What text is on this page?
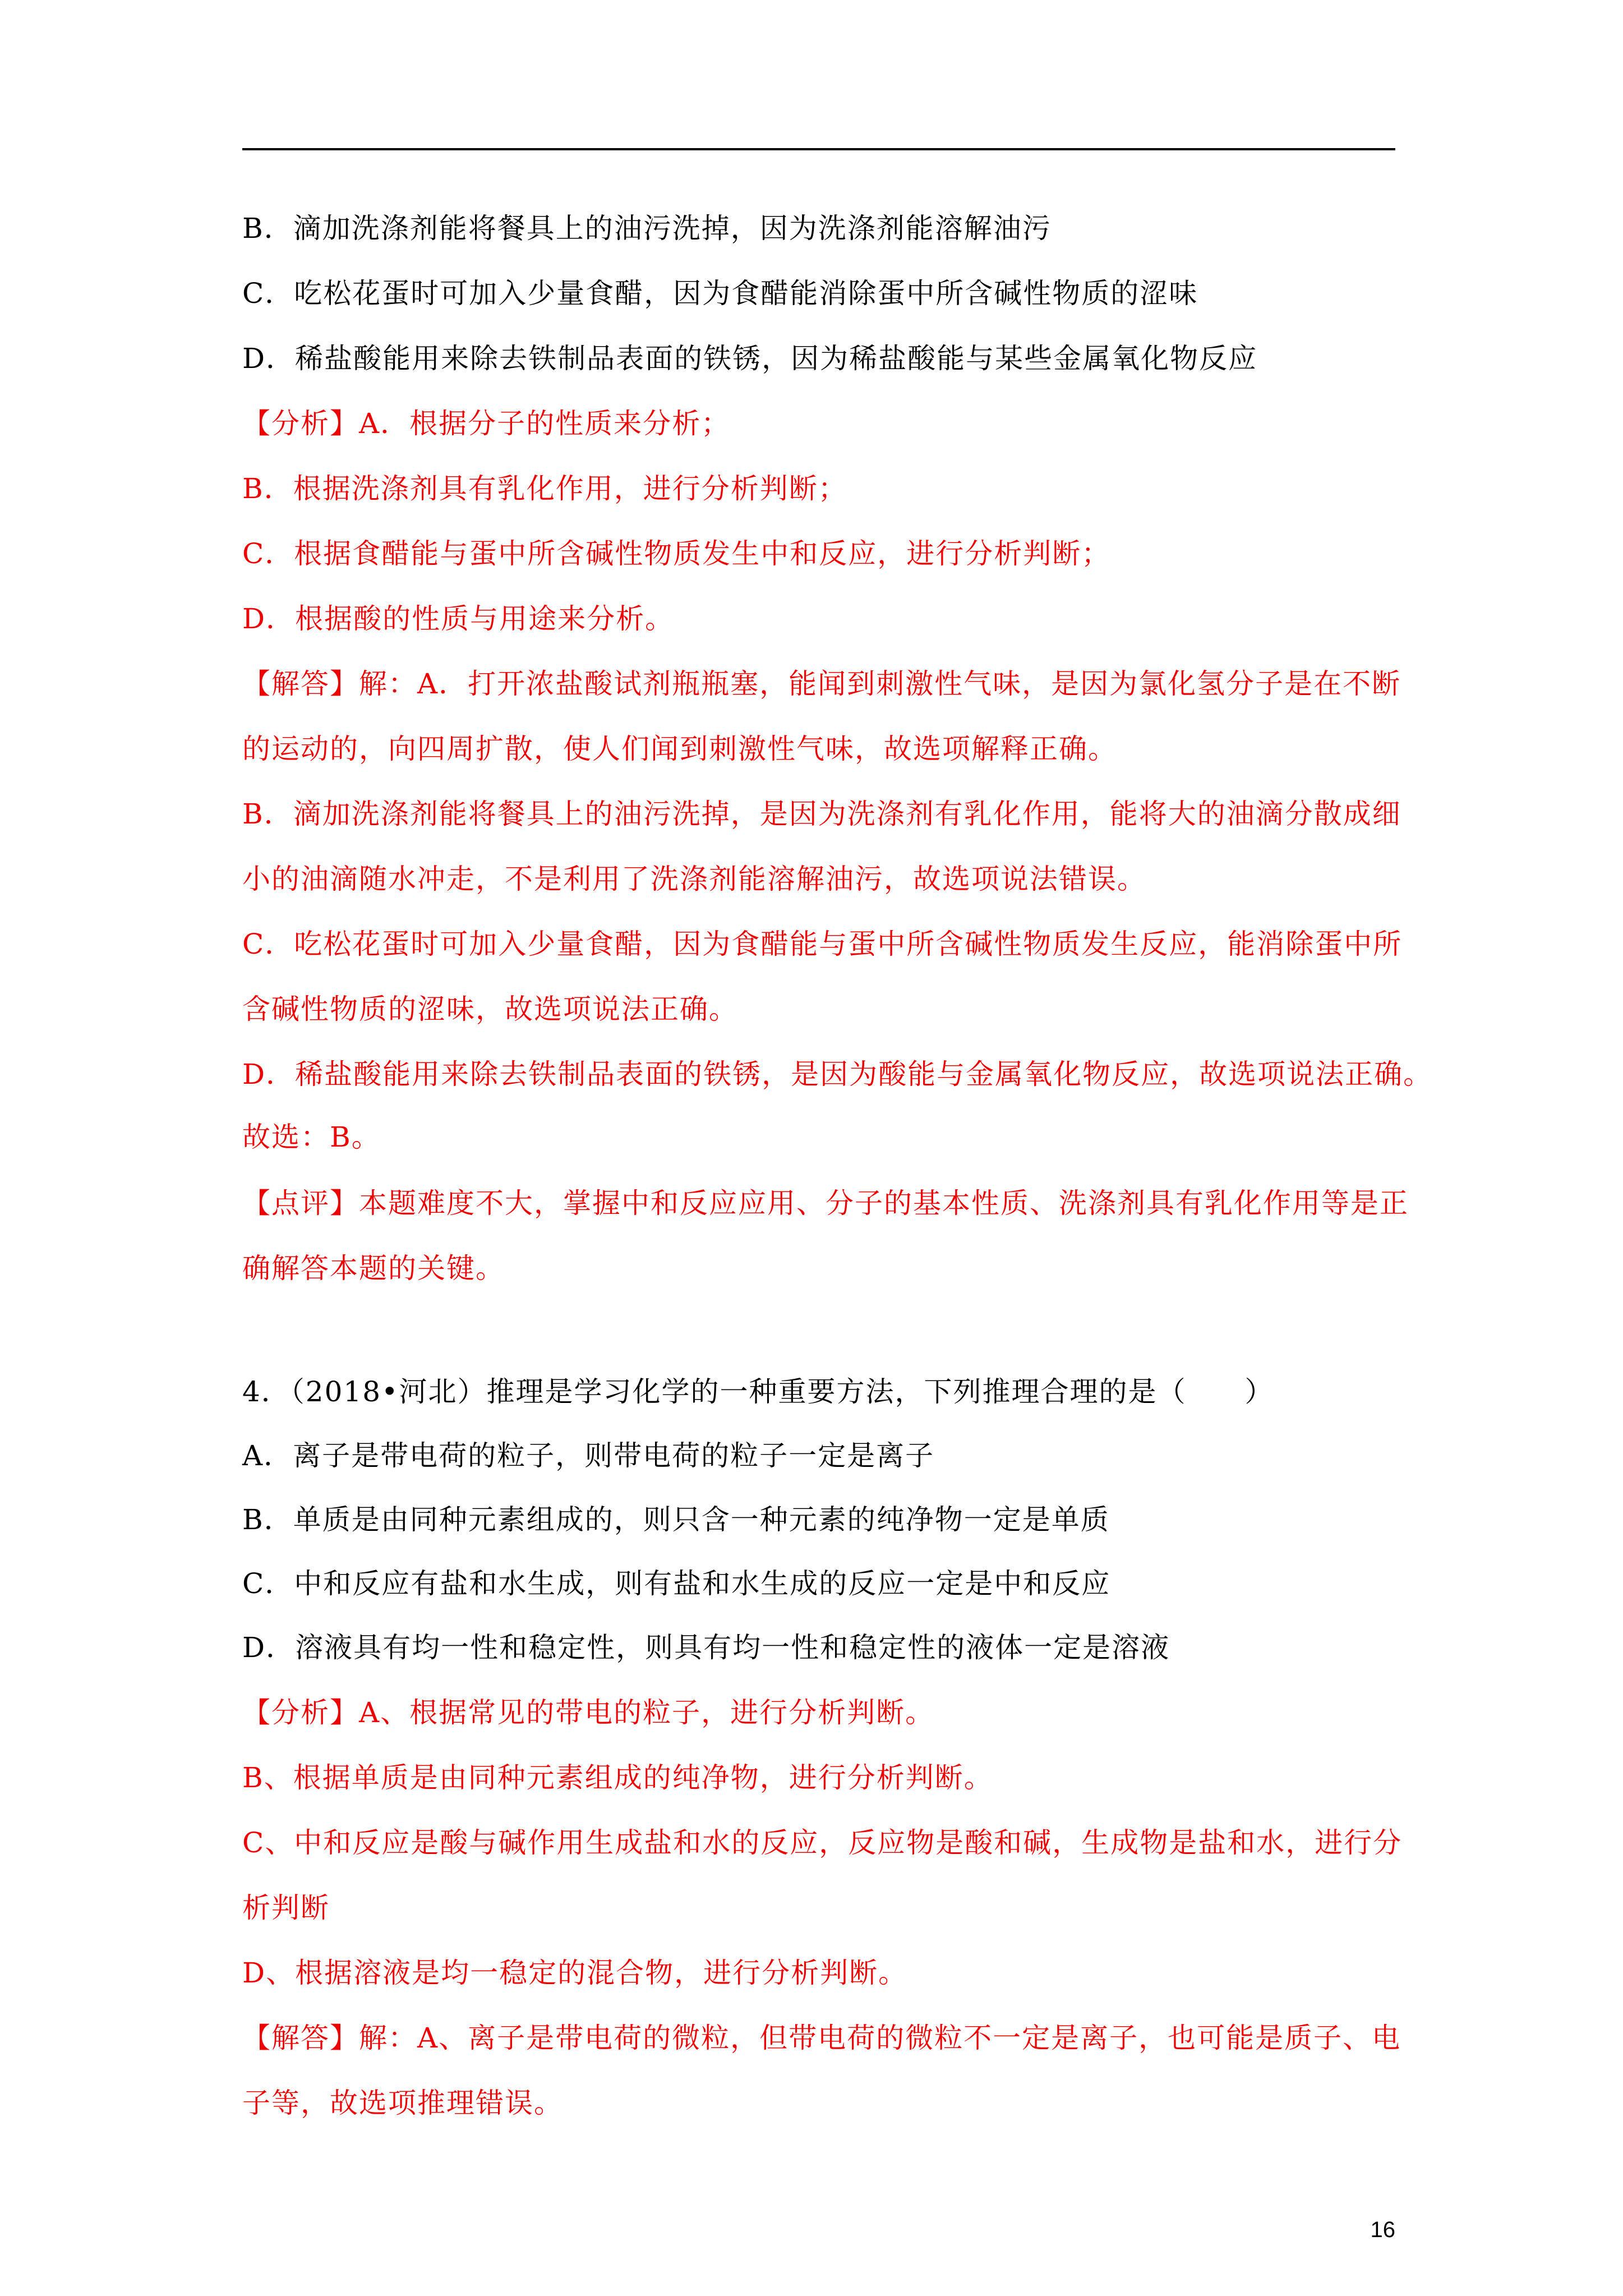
B．滴加洗涤剂能将餐具上的油污洗掉，因为洗涤剂能溶解油污
C．吃松花蛋时可加入少量食醋，因为食醋能消除蛋中所含碱性物质的涩味
D．稀盐酸能用来除去铁制品表面的铁锈，因为稀盐酸能与某些金属氧化物反应
【分析】A．根据分子的性质来分析；
B．根据洗涤剂具有乳化作用，进行分析判断；
C．根据食醋能与蛋中所含碱性物质发生中和反应，进行分析判断；
D．根据酸的性质与用途来分析。
【解答】解：A．打开浓盐酸试剂瓶瓶塞，能闻到刺激性气味，是因为氯化氢分子是在不断
的运动的，向四周扩散，使人们闻到刺激性气味，故选项解释正确。
B．滴加洗涤剂能将餐具上的油污洗掉，是因为洗涤剂有乳化作用，能将大的油滴分散成细
小的油滴随水冲走，不是利用了洗涤剂能溶解油污，故选项说法错误。
C．吃松花蛋时可加入少量食醋，因为食醋能与蛋中所含碱性物质发生反应，能消除蛋中所
含碱性物质的涩味，故选项说法正确。
D．稀盐酸能用来除去铁制品表面的铁锈，是因为酸能与金属氧化物反应，故选项说法正确。
故选：B。
【点评】本题难度不大，掌握中和反应应用、分子的基本性质、洗涤剂具有乳化作用等是正
确解答本题的关键。
4．（2018•河北）推理是学习化学的一种重要方法，下列推理合理的是（　　）
A．离子是带电荷的粒子，则带电荷的粒子一定是离子
B．单质是由同种元素组成的，则只含一种元素的纯净物一定是单质
C．中和反应有盐和水生成，则有盐和水生成的反应一定是中和反应
D．溶液具有均一性和稳定性，则具有均一性和稳定性的液体一定是溶液
【分析】A、根据常见的带电的粒子，进行分析判断。
B、根据单质是由同种元素组成的纯净物，进行分析判断。
C、中和反应是酸与碱作用生成盐和水的反应，反应物是酸和碱，生成物是盐和水，进行分
析判断
D、根据溶液是均一稳定的混合物，进行分析判断。
【解答】解：A、离子是带电荷的微粒，但带电荷的微粒不一定是离子，也可能是质子、电
子等，故选项推理错误。
16
